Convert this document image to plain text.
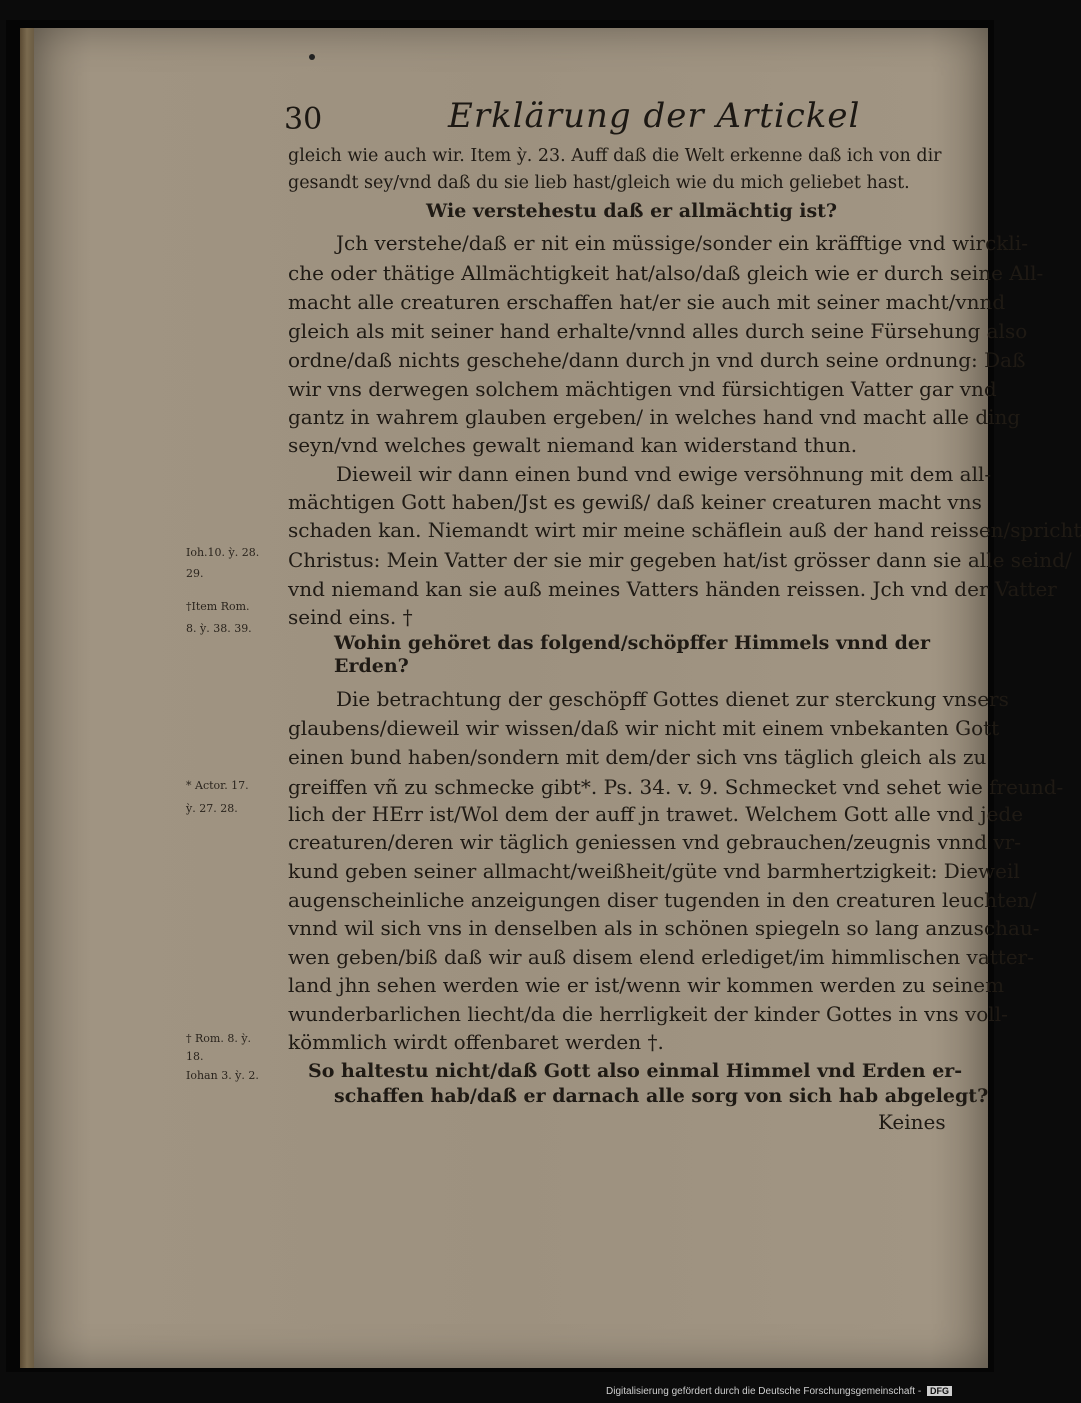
30	Erklärung der Artickel
gleich wie auch wir. Item ỳ. 23. Auff daß die Welt erkenne daß ich von dir
gesandt sey/vnd daß du sie lieb hast/gleich wie du mich geliebet hast.
Wie verstehestu daß er allmächtig ist?
Jch verstehe/daß er nit ein müssige/sonder ein kräfftige vnd wirckli-
che oder thätige Allmächtigkeit hat/also/daß gleich wie er durch seine All-
macht alle creaturen erschaffen hat/er sie auch mit seiner macht/vnnd
gleich als mit seiner hand erhalte/vnnd alles durch seine Fürsehung also
ordne/daß nichts geschehe/dann durch jn vnd durch seine ordnung: Daß
wir vns derwegen solchem mächtigen vnd fürsichtigen Vatter gar vnd
gantz in wahrem glauben ergeben/ in welches hand vnd macht alle ding
seyn/vnd welches gewalt niemand kan widerstand thun.
Dieweil wir dann einen bund vnd ewige versöhnung mit dem all-
mächtigen Gott haben/Jst es gewiß/ daß keiner creaturen macht vns
schaden kan. Niemandt wirt mir meine schäflein auß der hand reissen/spricht
Christus: Mein Vatter der sie mir gegeben hat/ist grösser dann sie alle seind/
vnd niemand kan sie auß meines Vatters händen reissen. Jch vnd der Vatter
seind eins. †
Wohin gehöret das folgend/schöpffer Himmels vnnd der
Erden?
Die betrachtung der geschöpff Gottes dienet zur sterckung vnsers
glaubens/dieweil wir wissen/daß wir nicht mit einem vnbekanten Gott
einen bund haben/sondern mit dem/der sich vns täglich gleich als zu
greiffen vñ zu schmecke gibt*. Ps. 34. v. 9. Schmecket vnd sehet wie freund-
lich der HErr ist/Wol dem der auff jn trawet. Welchem Gott alle vnd jede
creaturen/deren wir täglich geniessen vnd gebrauchen/zeugnis vnnd vr-
kund geben seiner allmacht/weißheit/güte vnd barmhertzigkeit: Dieweil
augenscheinliche anzeigungen diser tugenden in den creaturen leuchten/
vnnd wil sich vns in denselben als in schönen spiegeln so lang anzuschau-
wen geben/biß daß wir auß disem elend erlediget/im himmlischen vatter-
land jhn sehen werden wie er ist/wenn wir kommen werden zu seinem
wunderbarlichen liecht/da die herrligkeit der kinder Gottes in vns voll-
kömmlich wirdt offenbaret werden †.
So haltestu nicht/daß Gott also einmal Himmel vnd Erden er-
schaffen hab/daß er darnach alle sorg von sich hab abgelegt?
Keines
Ioh.10. ỳ. 28.
29.
†Item Rom.
8. ỳ. 38. 39.
* Actor. 17.
ỳ. 27. 28.
† Rom. 8. ỳ.
18.
Iohan 3. ỳ. 2.
Digitalisierung gefördert durch die Deutsche Forschungsgemeinschaft - DFG
